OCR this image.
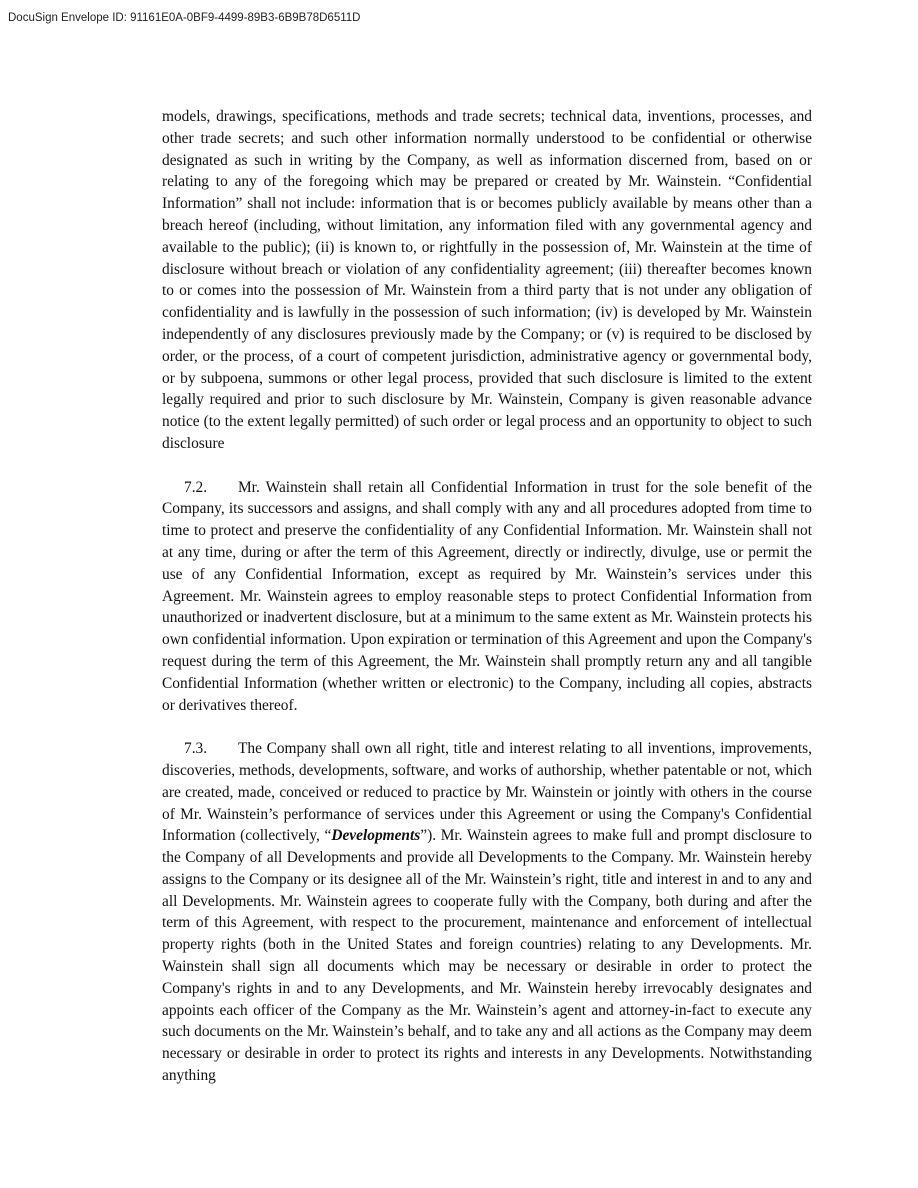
DocuSign Envelope ID: 91161E0A-0BF9-4499-89B3-6B9B78D6511D

models, drawings, specifications, methods and trade secrets; technical data, inventions, processes, and other trade secrets; and such other information normally understood to be confidential or otherwise designated as such in writing by the Company, as well as information discerned from, based on or relating to any of the foregoing which may be prepared or created by Mr. Wainstein. “Confidential Information” shall not include: information that is or becomes publicly available by means other than a breach hereof (including, without limitation, any information filed with any governmental agency and available to the public); (ii) is known to, or rightfully in the possession of, Mr. Wainstein at the time of disclosure without breach or violation of any confidentiality agreement; (iii) thereafter becomes known to or comes into the possession of Mr. Wainstein from a third party that is not under any obligation of confidentiality and is lawfully in the possession of such information; (iv) is developed by Mr. Wainstein independently of any disclosures previously made by the Company; or (v) is required to be disclosed by order, or the process, of a court of competent jurisdiction, administrative agency or governmental body, or by subpoena, summons or other legal process, provided that such disclosure is limited to the extent legally required and prior to such disclosure by Mr. Wainstein, Company is given reasonable advance notice (to the extent legally permitted) of such order or legal process and an opportunity to object to such disclosure

7.2. Mr. Wainstein shall retain all Confidential Information in trust for the sole benefit of the Company, its successors and assigns, and shall comply with any and all procedures adopted from time to time to protect and preserve the confidentiality of any Confidential Information. Mr. Wainstein shall not at any time, during or after the term of this Agreement, directly or indirectly, divulge, use or permit the use of any Confidential Information, except as required by Mr. Wainstein’s services under this Agreement. Mr. Wainstein agrees to employ reasonable steps to protect Confidential Information from unauthorized or inadvertent disclosure, but at a minimum to the same extent as Mr. Wainstein protects his own confidential information. Upon expiration or termination of this Agreement and upon the Company's request during the term of this Agreement, the Mr. Wainstein shall promptly return any and all tangible Confidential Information (whether written or electronic) to the Company, including all copies, abstracts or derivatives thereof.

7.3. The Company shall own all right, title and interest relating to all inventions, improvements, discoveries, methods, developments, software, and works of authorship, whether patentable or not, which are created, made, conceived or reduced to practice by Mr. Wainstein or jointly with others in the course of Mr. Wainstein’s performance of services under this Agreement or using the Company's Confidential Information (collectively, “Developments”). Mr. Wainstein agrees to make full and prompt disclosure to the Company of all Developments and provide all Developments to the Company. Mr. Wainstein hereby assigns to the Company or its designee all of the Mr. Wainstein’s right, title and interest in and to any and all Developments. Mr. Wainstein agrees to cooperate fully with the Company, both during and after the term of this Agreement, with respect to the procurement, maintenance and enforcement of intellectual property rights (both in the United States and foreign countries) relating to any Developments. Mr. Wainstein shall sign all documents which may be necessary or desirable in order to protect the Company's rights in and to any Developments, and Mr. Wainstein hereby irrevocably designates and appoints each officer of the Company as the Mr. Wainstein’s agent and attorney-in-fact to execute any such documents on the Mr. Wainstein’s behalf, and to take any and all actions as the Company may deem necessary or desirable in order to protect its rights and interests in any Developments. Notwithstanding anything
